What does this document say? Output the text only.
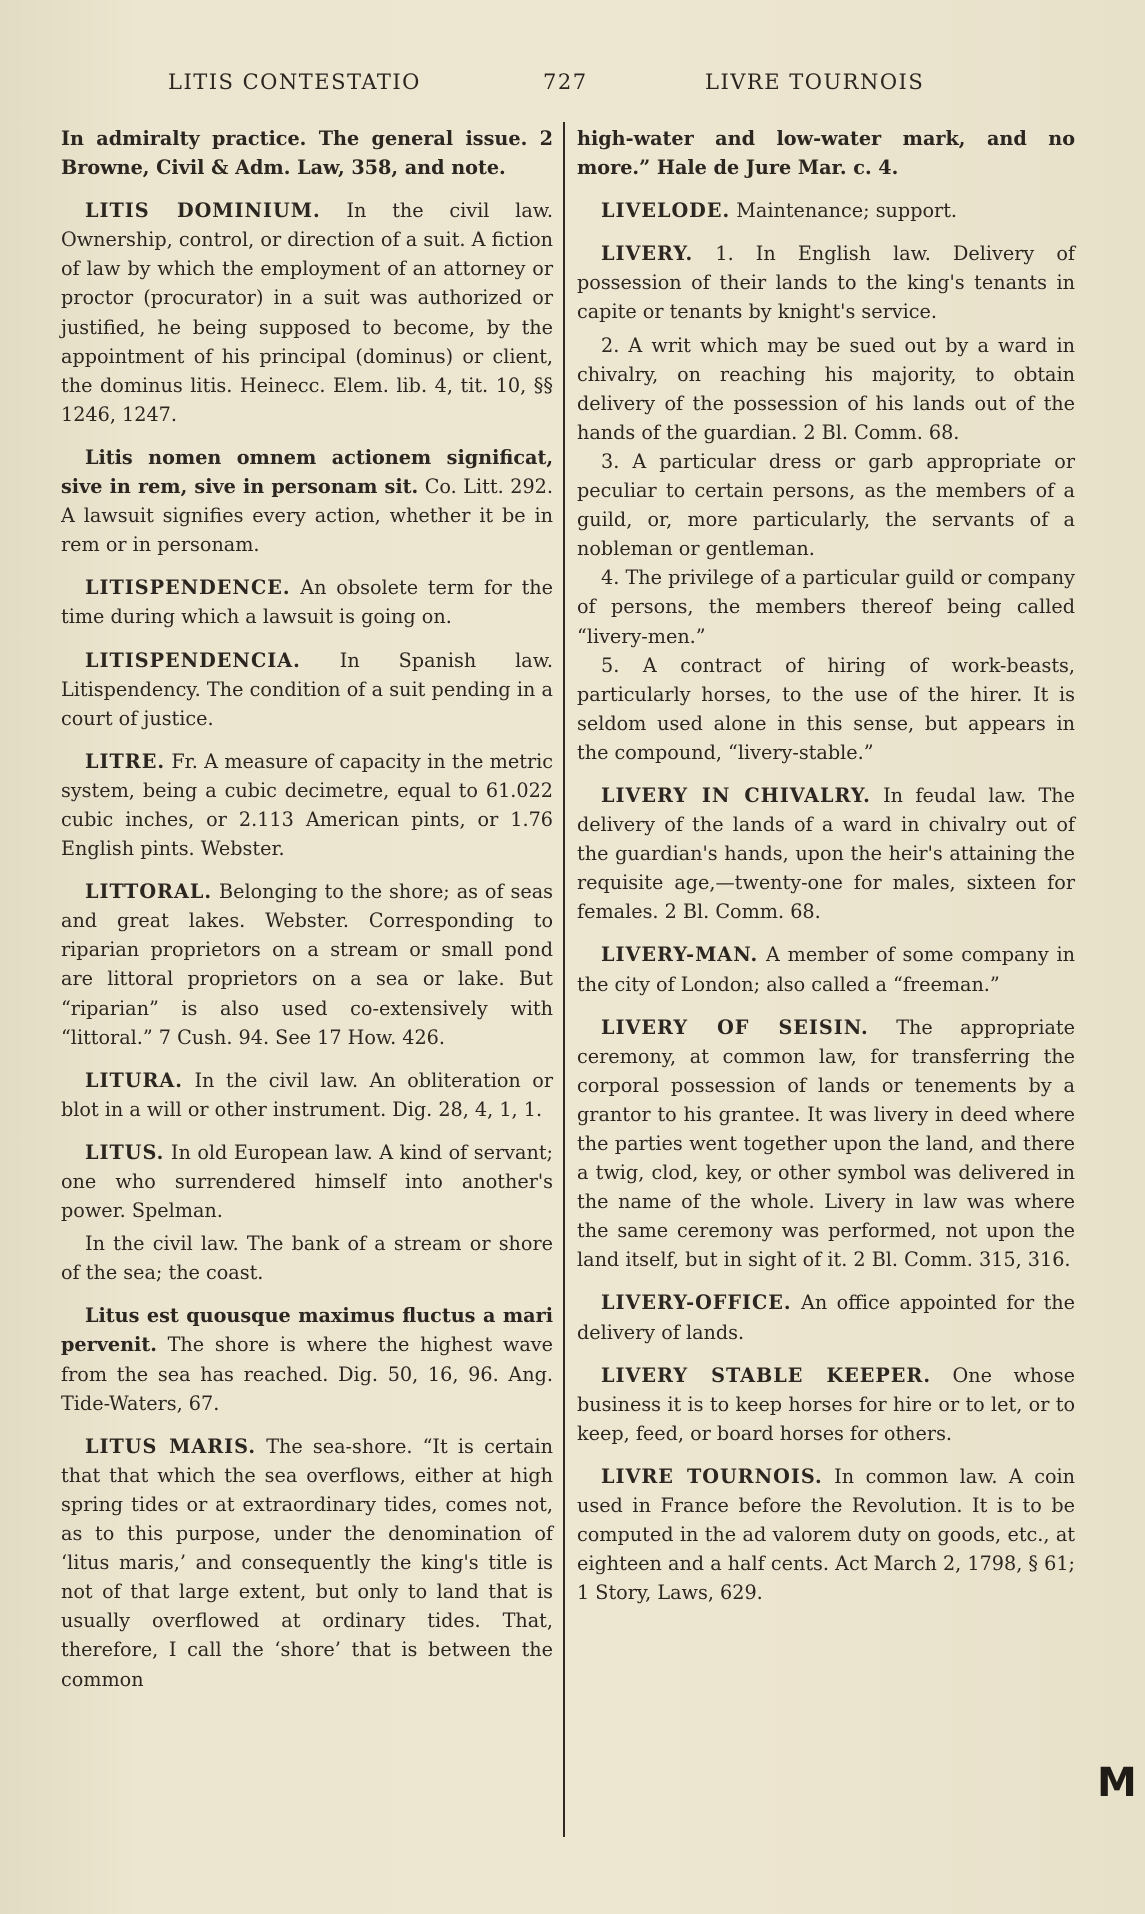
LITIS CONTESTATIO	727	LIVRE TOURNOIS

In admiralty practice. The general issue. 2 Browne, Civil & Adm. Law, 358, and note.

LITIS DOMINIUM. In the civil law. Ownership, control, or direction of a suit. A fiction of law by which the employment of an attorney or proctor (procurator) in a suit was authorized or justified, he being supposed to become, by the appointment of his principal (dominus) or client, the dominus litis. Heinecc. Elem. lib. 4, tit. 10, §§ 1246, 1247.

Litis nomen omnem actionem significat, sive in rem, sive in personam sit. Co. Litt. 292. A lawsuit signifies every action, whether it be in rem or in personam.

LITISPENDENCE. An obsolete term for the time during which a lawsuit is going on.

LITISPENDENCIA. In Spanish law. Litispendency. The condition of a suit pending in a court of justice.

LITRE. Fr. A measure of capacity in the metric system, being a cubic decimetre, equal to 61.022 cubic inches, or 2.113 American pints, or 1.76 English pints. Webster.

LITTORAL. Belonging to the shore; as of seas and great lakes. Webster. Corresponding to riparian proprietors on a stream or small pond are littoral proprietors on a sea or lake. But “riparian” is also used co-extensively with “littoral.” 7 Cush. 94. See 17 How. 426.

LITURA. In the civil law. An obliteration or blot in a will or other instrument. Dig. 28, 4, 1, 1.

LITUS. In old European law. A kind of servant; one who surrendered himself into another's power. Spelman.

In the civil law. The bank of a stream or shore of the sea; the coast.

Litus est quousque maximus fluctus a mari pervenit. The shore is where the highest wave from the sea has reached. Dig. 50, 16, 96. Ang. Tide-Waters, 67.

LITUS MARIS. The sea-shore. “It is certain that that which the sea overflows, either at high spring tides or at extraordinary tides, comes not, as to this purpose, under the denomination of ‘litus maris,’ and consequently the king's title is not of that large extent, but only to land that is usually overflowed at ordinary tides. That, therefore, I call the ‘shore’ that is between the common

high-water and low-water mark, and no more.” Hale de Jure Mar. c. 4.

LIVELODE. Maintenance; support.

LIVERY. 1. In English law. Delivery of possession of their lands to the king's tenants in capite or tenants by knight's service.

2. A writ which may be sued out by a ward in chivalry, on reaching his majority, to obtain delivery of the possession of his lands out of the hands of the guardian. 2 Bl. Comm. 68.

3. A particular dress or garb appropriate or peculiar to certain persons, as the members of a guild, or, more particularly, the servants of a nobleman or gentleman.

4. The privilege of a particular guild or company of persons, the members thereof being called “livery-men.”

5. A contract of hiring of work-beasts, particularly horses, to the use of the hirer. It is seldom used alone in this sense, but appears in the compound, “livery-stable.”

LIVERY IN CHIVALRY. In feudal law. The delivery of the lands of a ward in chivalry out of the guardian's hands, upon the heir's attaining the requisite age,—twenty-one for males, sixteen for females. 2 Bl. Comm. 68.

LIVERY-MAN. A member of some company in the city of London; also called a “freeman.”

LIVERY OF SEISIN. The appropriate ceremony, at common law, for transferring the corporal possession of lands or tenements by a grantor to his grantee. It was livery in deed where the parties went together upon the land, and there a twig, clod, key, or other symbol was delivered in the name of the whole. Livery in law was where the same ceremony was performed, not upon the land itself, but in sight of it. 2 Bl. Comm. 315, 316.

LIVERY-OFFICE. An office appointed for the delivery of lands.

LIVERY STABLE KEEPER. One whose business it is to keep horses for hire or to let, or to keep, feed, or board horses for others.

LIVRE TOURNOIS. In common law. A coin used in France before the Revolution. It is to be computed in the ad valorem duty on goods, etc., at eighteen and a half cents. Act March 2, 1798, § 61; 1 Story, Laws, 629.

M
